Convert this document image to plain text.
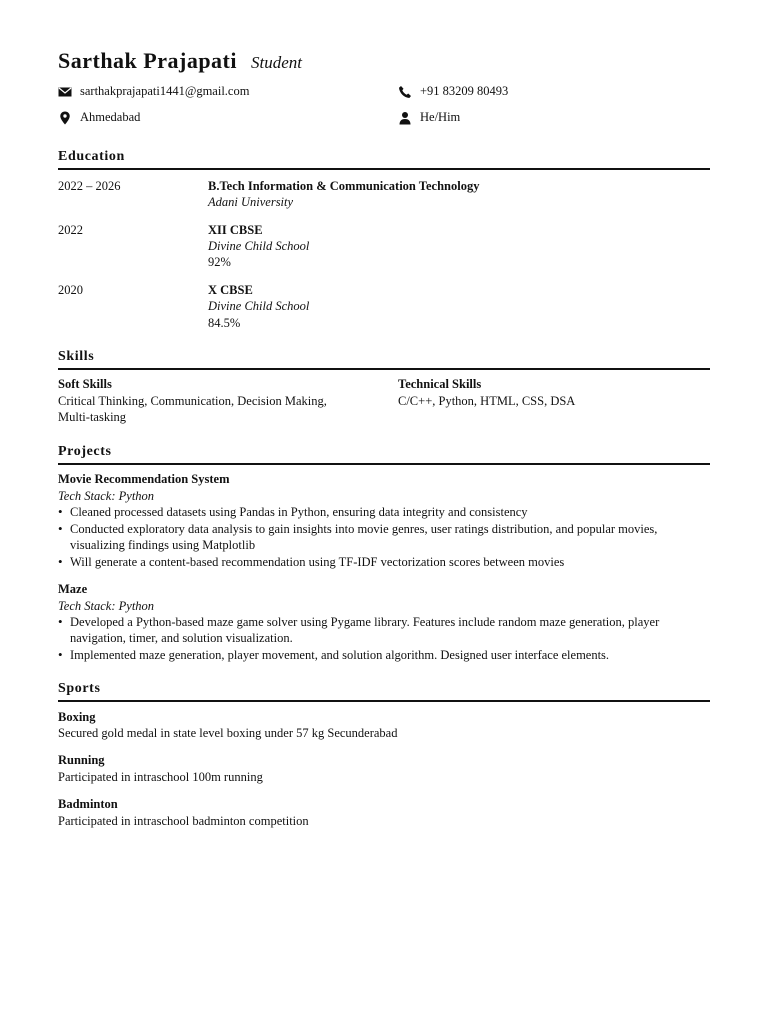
Sarthak Prajapati Student
sarthakprajapati1441@gmail.com	+91 83209 80493
Ahmedabad	He/Him
Education
2022 – 2026	B.Tech Information & Communication Technology
Adani University
2022	XII CBSE
Divine Child School
92%
2020	X CBSE
Divine Child School
84.5%
Skills
Soft Skills
Critical Thinking, Communication, Decision Making,
Multi-tasking
Technical Skills
C/C++, Python, HTML, CSS, DSA
Projects
Movie Recommendation System
Tech Stack: Python
• Cleaned processed datasets using Pandas in Python, ensuring data integrity and consistency
• Conducted exploratory data analysis to gain insights into movie genres, user ratings distribution, and popular movies,
visualizing findings using Matplotlib
• Will generate a content-based recommendation using TF-IDF vectorization scores between movies
Maze
Tech Stack: Python
• Developed a Python-based maze game solver using Pygame library. Features include random maze generation, player
navigation, timer, and solution visualization.
• Implemented maze generation, player movement, and solution algorithm. Designed user interface elements.
Sports
Boxing
Secured gold medal in state level boxing under 57 kg Secunderabad
Running
Participated in intraschool 100m running
Badminton
Participated in intraschool badminton competition
